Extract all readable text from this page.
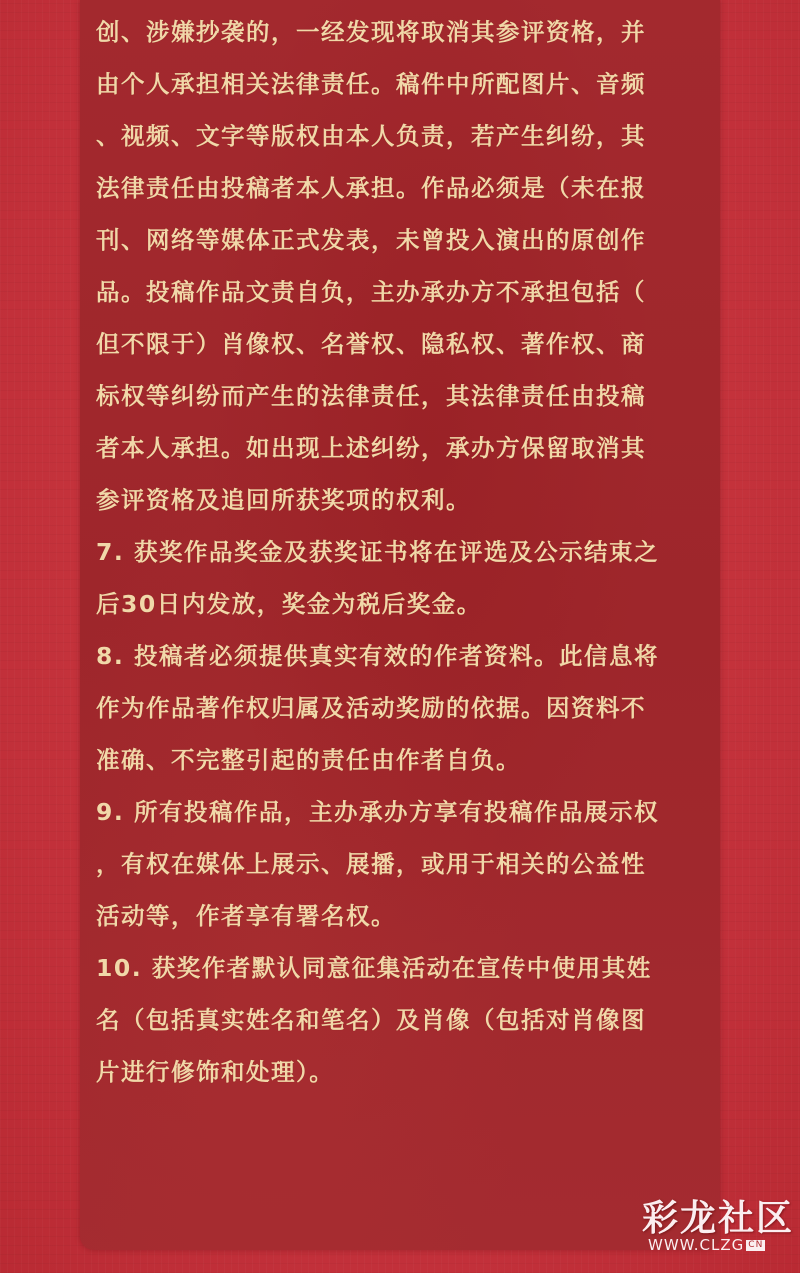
创、涉嫌抄袭的，一经发现将取消其参评资格，并
由个人承担相关法律责任。稿件中所配图片、音频
、视频、文字等版权由本人负责，若产生纠纷，其
法律责任由投稿者本人承担。作品必须是（未在报
刊、网络等媒体正式发表，未曾投入演出的原创作
品。投稿作品文责自负，主办承办方不承担包括（
但不限于）肖像权、名誉权、隐私权、著作权、商
标权等纠纷而产生的法律责任，其法律责任由投稿
者本人承担。如出现上述纠纷，承办方保留取消其
参评资格及追回所获奖项的权利。
7. 获奖作品奖金及获奖证书将在评选及公示结束之
后30日内发放，奖金为税后奖金。
8. 投稿者必须提供真实有效的作者资料。此信息将
作为作品著作权归属及活动奖励的依据。因资料不
准确、不完整引起的责任由作者自负。
9. 所有投稿作品，主办承办方享有投稿作品展示权
，有权在媒体上展示、展播，或用于相关的公益性
活动等，作者享有署名权。
10. 获奖作者默认同意征集活动在宣传中使用其姓
名（包括真实姓名和笔名）及肖像（包括对肖像图
片进行修饰和处理）。
彩龙社区
WWW.CLZG CN
